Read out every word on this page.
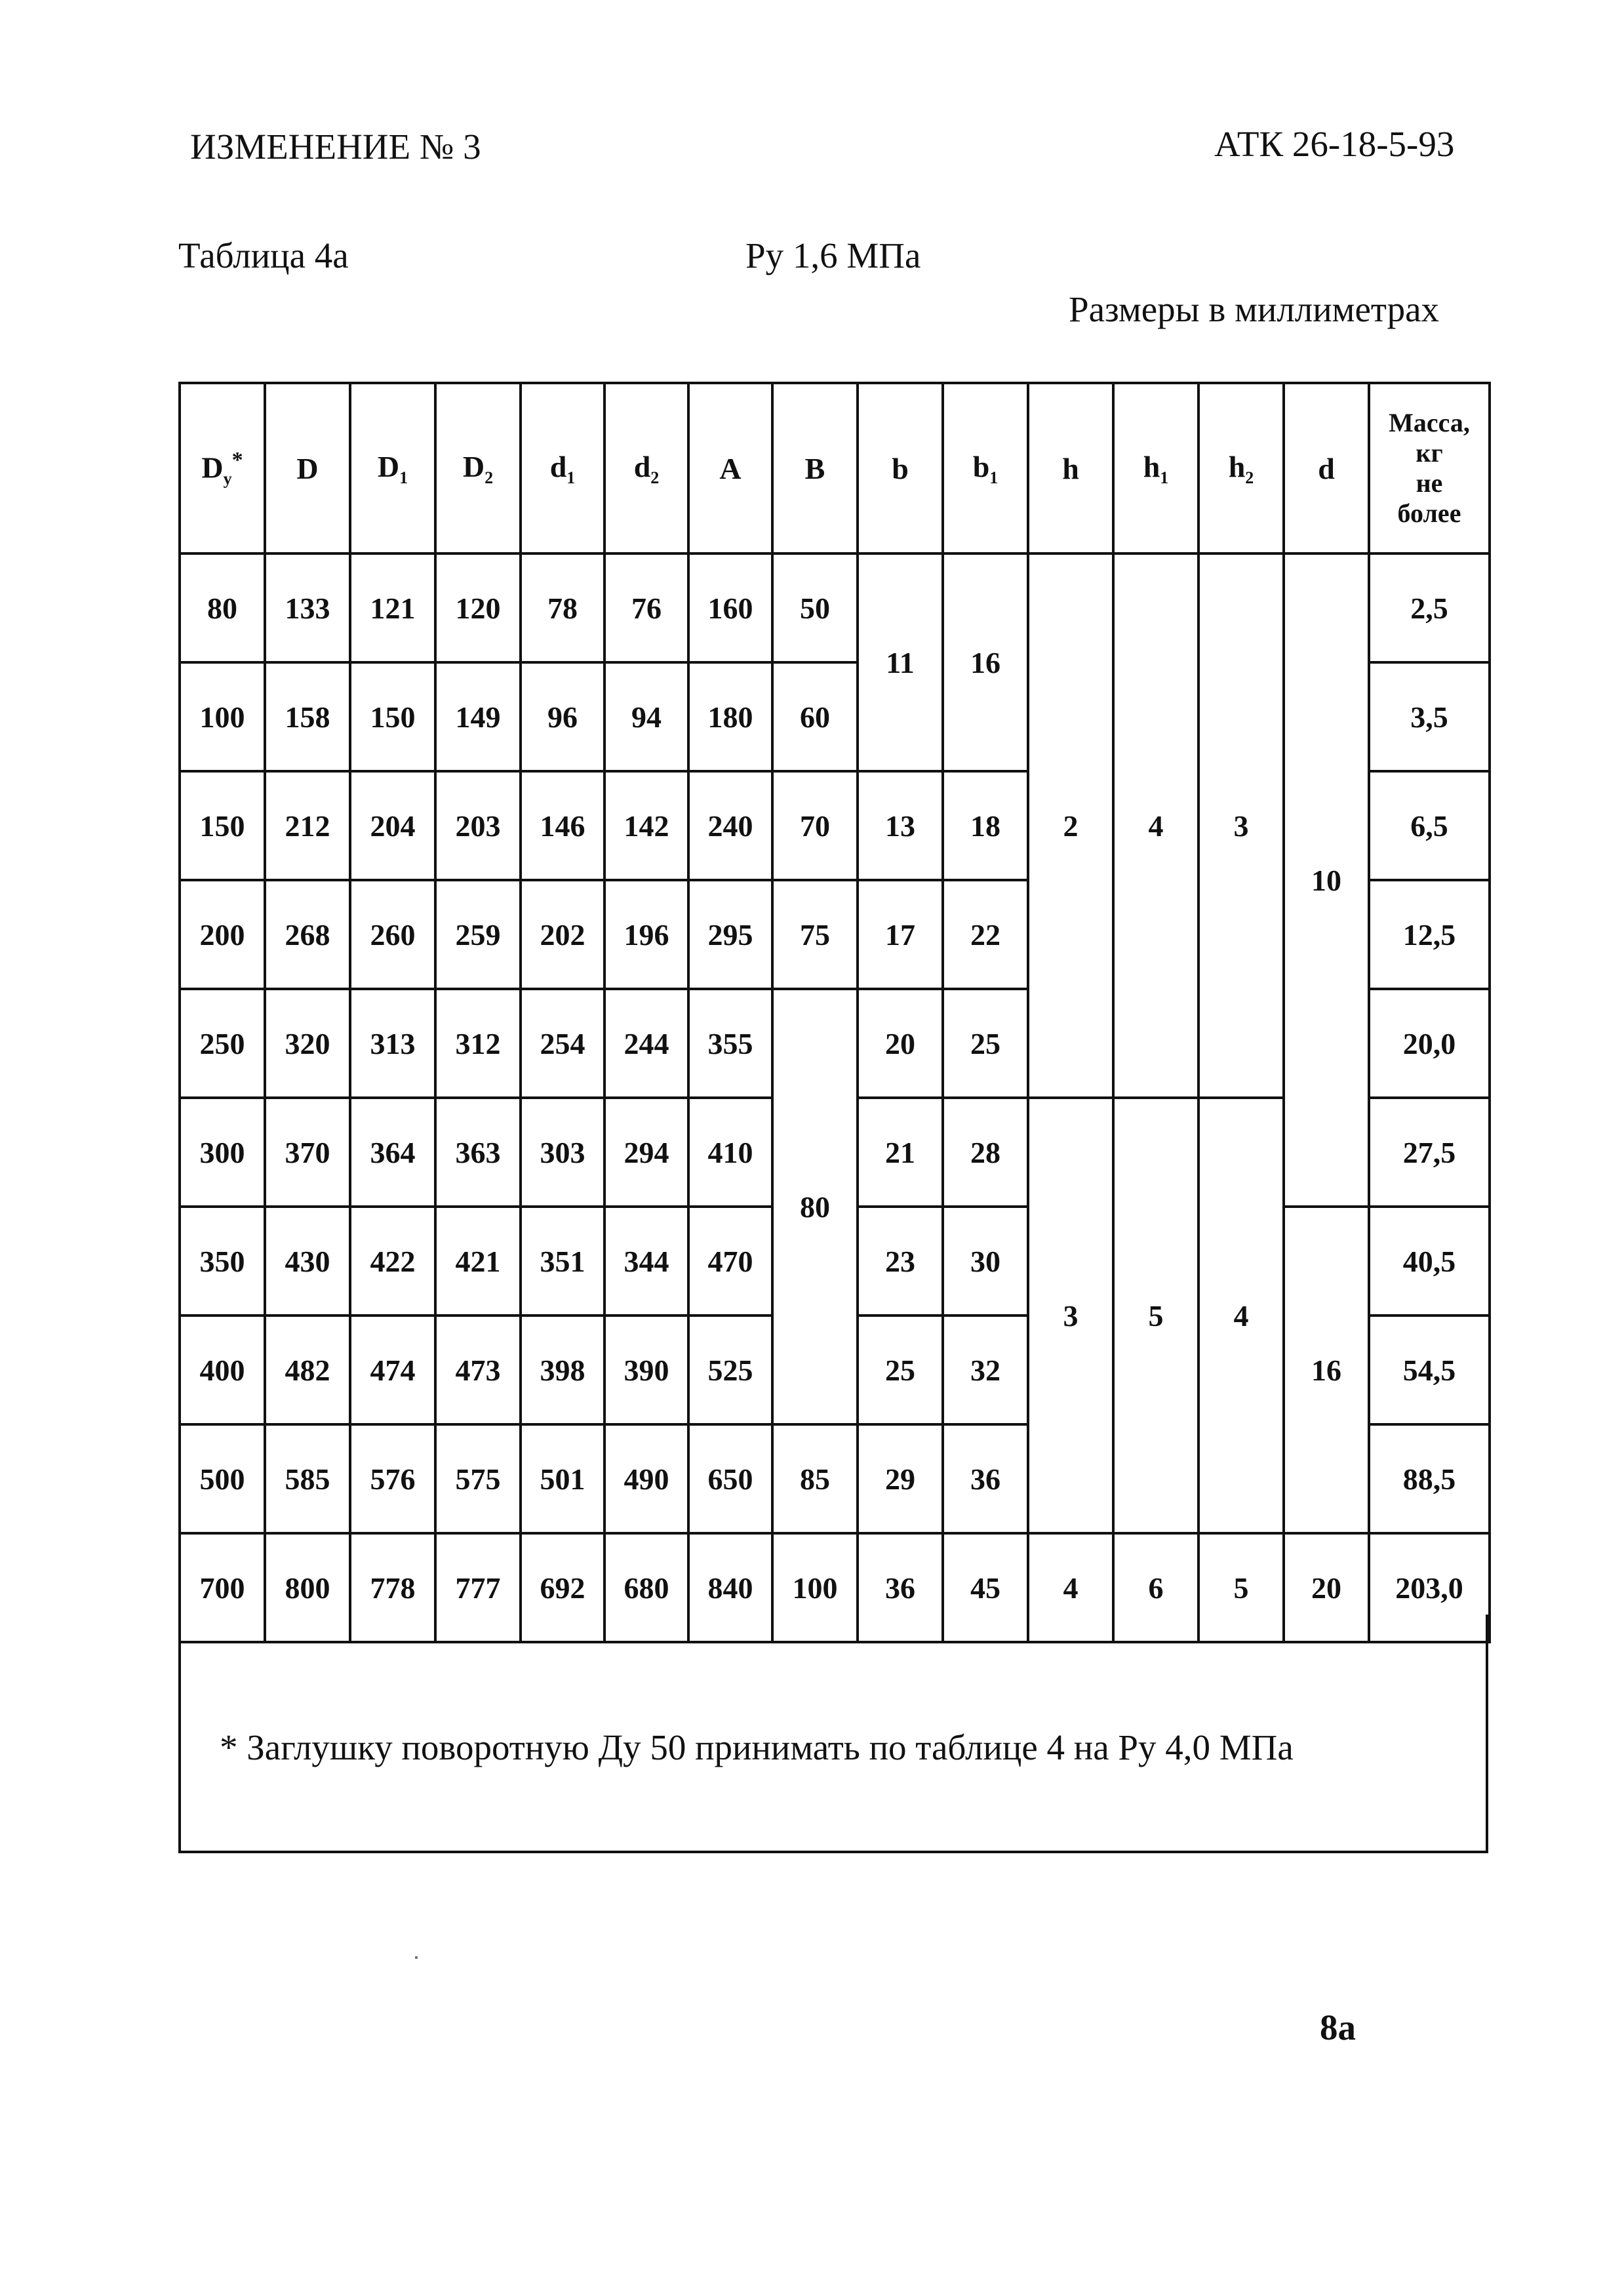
ИЗМЕНЕНИЕ № 3	АТК 26-18-5-93
Таблица 4а	Ру 1,6 МПа
Размеры в миллиметрах
$D_у^*$	D	$D_1$	$D_2$	$d_1$	$d_2$	A	B	b	$b_1$	h	$h_1$	$h_2$	d	Масса,
кг
не
более

80	133	121	120	78	76	160	50	11	16	2	4	3	10	2,5
100	158	150	149	96	94	180	60							3,5
150	212	204	203	146	142	240	70	13	18					6,5
200	268	260	259	202	196	295	75	17	22					12,5
250	320	313	312	254	244	355	80	20	25					20,0
300	370	364	363	303	294	410		21	28	3	5	4		27,5
350	430	422	421	351	344	470		23	30				16	40,5
400	482	474	473	398	390	525		25	32					54,5
500	585	576	575	501	490	650	85	29	36					88,5
700	800	778	777	692	680	840	100	36	45	4	6	5	20	203,0
* Заглушку поворотную Ду 50 принимать по таблице 4 на Ру 4,0 МПа
8а
